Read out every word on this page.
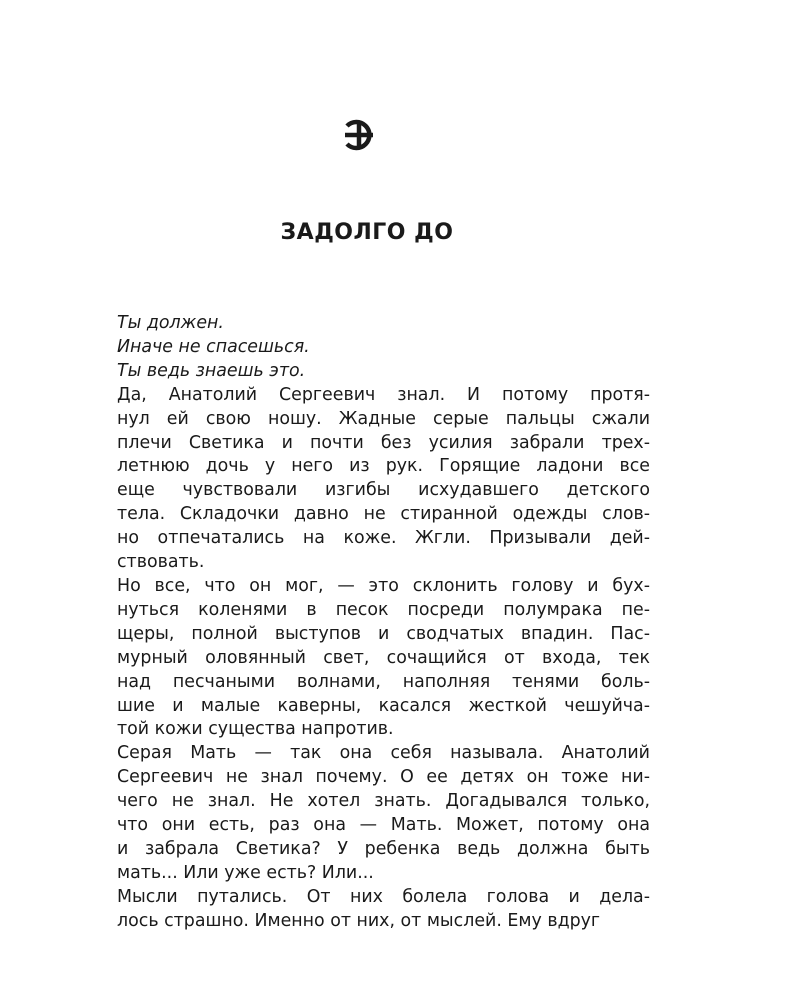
ЗАДОЛГО ДО

Ты должен.

Иначе не спасешься.

Ты ведь знаешь это.

Да, Анатолий Сергеевич знал. И потому протя-
нул ей свою ношу. Жадные серые пальцы сжали
плечи Светика и почти без усилия забрали трех-
летнюю дочь у него из рук. Горящие ладони все
еще чувствовали изгибы исхудавшего детского
тела. Складочки давно не стиранной одежды слов-
но отпечатались на коже. Жгли. Призывали дей-
ствовать.

Но все, что он мог, — это склонить голову и бух-
нуться коленями в песок посреди полумрака пе-
щеры, полной выступов и сводчатых впадин. Пас-
мурный оловянный свет, сочащийся от входа, тек
над песчаными волнами, наполняя тенями боль-
шие и малые каверны, касался жесткой чешуйча-
той кожи существа напротив.

Серая Мать — так она себя называла. Анатолий
Сергеевич не знал почему. О ее детях он тоже ни-
чего не знал. Не хотел знать. Догадывался только,
что они есть, раз она — Мать. Может, потому она
и забрала Светика? У ребенка ведь должна быть
мать... Или уже есть? Или...

Мысли путались. От них болела голова и дела-
лось страшно. Именно от них, от мыслей. Ему вдруг
